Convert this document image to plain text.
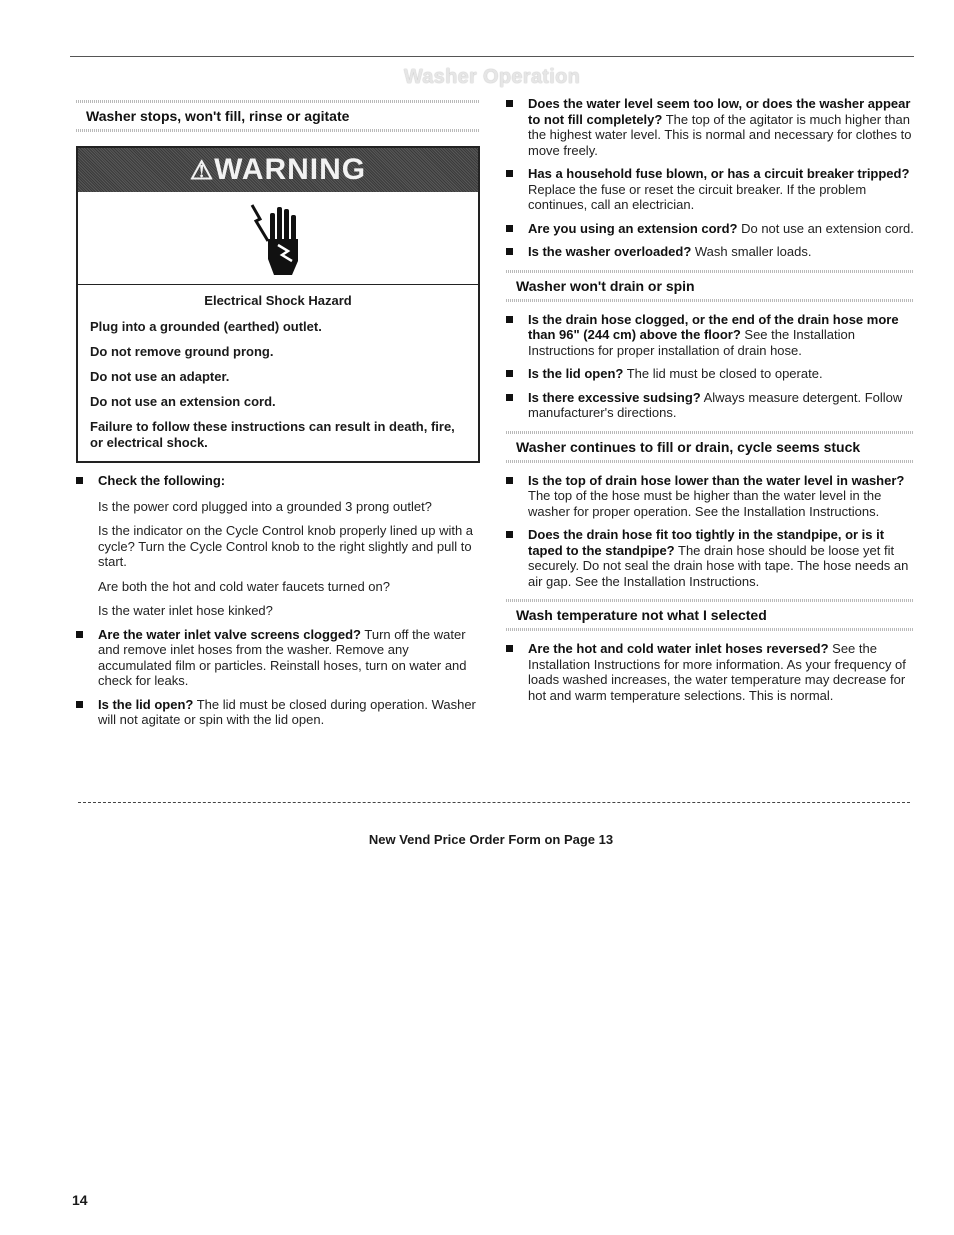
Washer Operation
Washer stops, won't fill, rinse or agitate
⚠WARNING

Electrical Shock Hazard

Plug into a grounded (earthed) outlet.

Do not remove ground prong.

Do not use an adapter.

Do not use an extension cord.

Failure to follow these instructions can result in death, fire, or electrical shock.

Check the following:

Is the power cord plugged into a grounded 3 prong outlet?

Is the indicator on the Cycle Control knob properly lined up with a cycle? Turn the Cycle Control knob to the right slightly and pull to start.

Are both the hot and cold water faucets turned on?

Is the water inlet hose kinked?

Are the water inlet valve screens clogged? Turn off the water and remove inlet hoses from the washer. Remove any accumulated film or particles. Reinstall hoses, turn on water and check for leaks.
Is the lid open? The lid must be closed during operation. Washer will not agitate or spin with the lid open.
Does the water level seem too low, or does the washer appear to not fill completely? The top of the agitator is much higher than the highest water level. This is normal and necessary for clothes to move freely.
Has a household fuse blown, or has a circuit breaker tripped? Replace the fuse or reset the circuit breaker. If the problem continues, call an electrician.
Are you using an extension cord? Do not use an extension cord.
Is the washer overloaded? Wash smaller loads.
Washer won't drain or spin
Is the drain hose clogged, or the end of the drain hose more than 96" (244 cm) above the floor? See the Installation Instructions for proper installation of drain hose.
Is the lid open? The lid must be closed to operate.
Is there excessive sudsing? Always measure detergent. Follow manufacturer's directions.
Washer continues to fill or drain, cycle seems stuck
Is the top of drain hose lower than the water level in washer? The top of the hose must be higher than the water level in the washer for proper operation. See the Installation Instructions.
Does the drain hose fit too tightly in the standpipe, or is it taped to the standpipe? The drain hose should be loose yet fit securely. Do not seal the drain hose with tape. The hose needs an air gap. See the Installation Instructions.
Wash temperature not what I selected
Are the hot and cold water inlet hoses reversed? See the Installation Instructions for more information. As your frequency of loads washed increases, the water temperature may decrease for hot and warm temperature selections. This is normal.
New Vend Price Order Form on Page 13
14
